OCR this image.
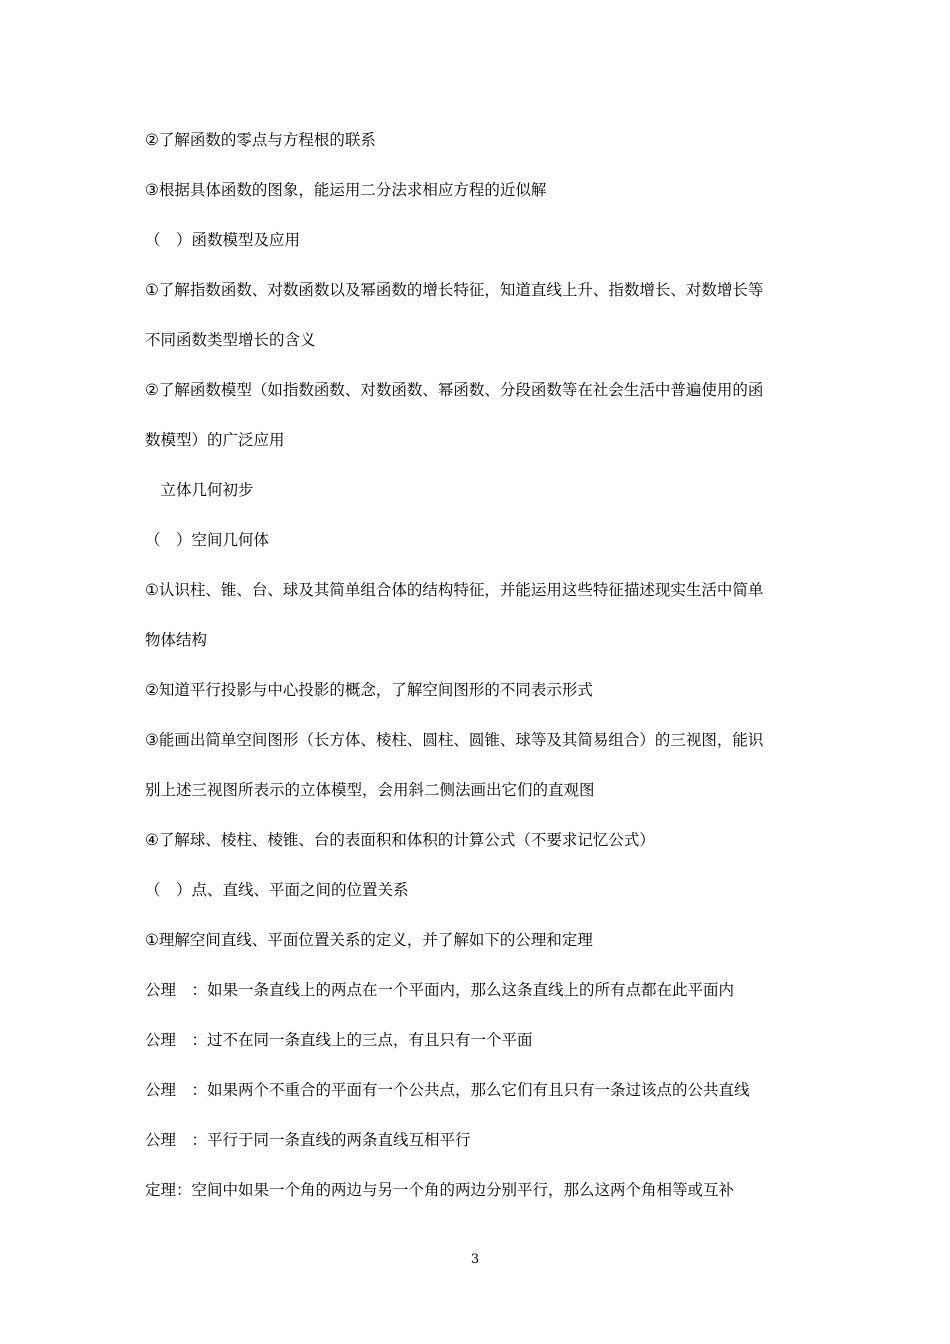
②了解函数的零点与方程根的联系
③根据具体函数的图象，能运用二分法求相应方程的近似解
（　）函数模型及应用
①了解指数函数、对数函数以及幂函数的增长特征，知道直线上升、指数增长、对数增长等
不同函数类型增长的含义
②了解函数模型（如指数函数、对数函数、幂函数、分段函数等在社会生活中普遍使用的函
数模型）的广泛应用
　立体几何初步
（　）空间几何体
①认识柱、锥、台、球及其简单组合体的结构特征，并能运用这些特征描述现实生活中简单
物体结构
②知道平行投影与中心投影的概念，了解空间图形的不同表示形式
③能画出简单空间图形（长方体、棱柱、圆柱、圆锥、球等及其简易组合）的三视图，能识
别上述三视图所表示的立体模型，会用斜二侧法画出它们的直观图
④了解球、棱柱、棱锥、台的表面积和体积的计算公式（不要求记忆公式）
（　）点、直线、平面之间的位置关系
①理解空间直线、平面位置关系的定义，并了解如下的公理和定理
公理　：如果一条直线上的两点在一个平面内，那么这条直线上的所有点都在此平面内
公理　：过不在同一条直线上的三点，有且只有一个平面
公理　：如果两个不重合的平面有一个公共点，那么它们有且只有一条过该点的公共直线
公理　：平行于同一条直线的两条直线互相平行
定理：空间中如果一个角的两边与另一个角的两边分别平行，那么这两个角相等或互补
3
